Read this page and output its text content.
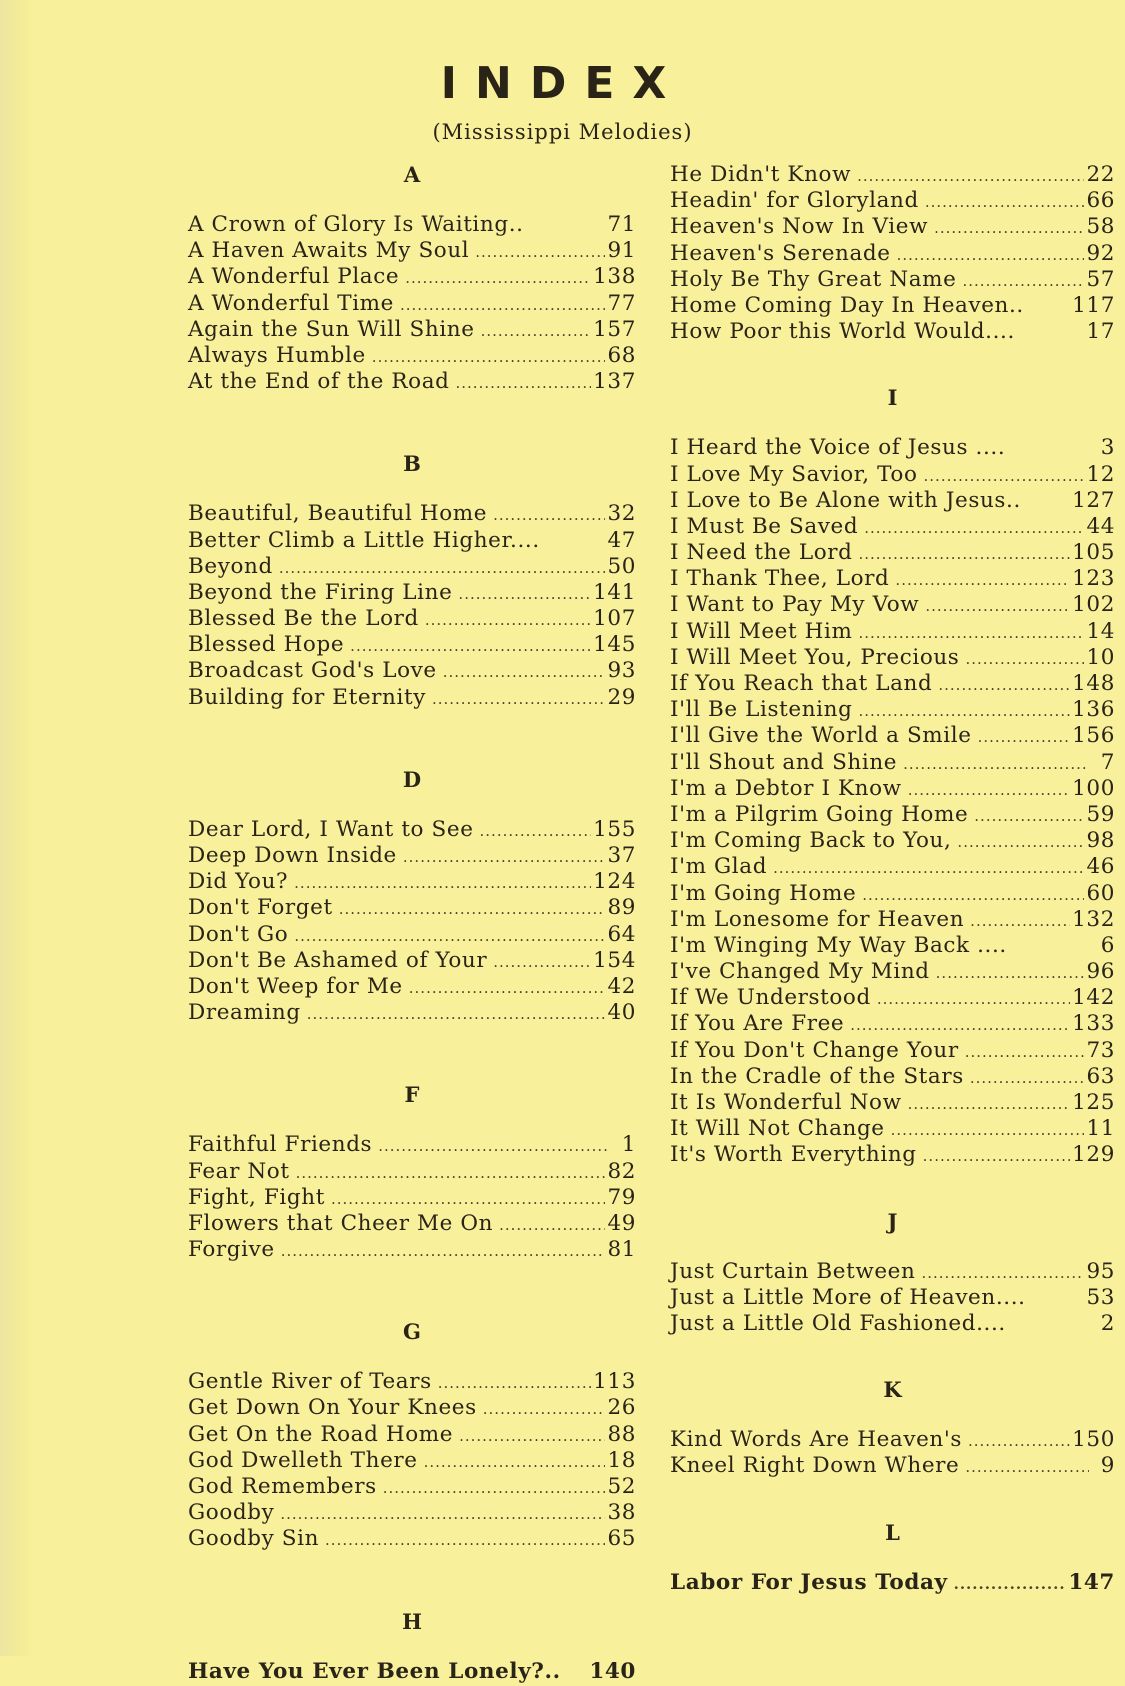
INDEX
(Mississippi Melodies)
A
A Crown of Glory Is Waiting..	71
A Haven Awaits My Soul .....	91
A Wonderful Place .....	138
A Wonderful Time .....	77
Again the Sun Will Shine .....	157
Always Humble .....	68
At the End of the Road .....	137
B
Beautiful, Beautiful Home .....	32
Better Climb a Little Higher....	47
Beyond .....	50
Beyond the Firing Line .....	141
Blessed Be the Lord .....	107
Blessed Hope .....	145
Broadcast God's Love .....	93
Building for Eternity .....	29
D
Dear Lord, I Want to See .....	155
Deep Down Inside .....	37
Did You? .....	124
Don't Forget .....	89
Don't Go .....	64
Don't Be Ashamed of Your .....	154
Don't Weep for Me .....	42
Dreaming .....	40
F
Faithful Friends .....	1
Fear Not .....	82
Fight, Fight .....	79
Flowers that Cheer Me On .....	49
Forgive .....	81
G
Gentle River of Tears .....	113
Get Down On Your Knees .....	26
Get On the Road Home .....	88
God Dwelleth There .....	18
God Remembers .....	52
Goodby .....	38
Goodby Sin .....	65
H
Have You Ever Been Lonely?.. 140
He Didn't Know .....	22
Headin' for Gloryland .....	66
Heaven's Now In View .....	58
Heaven's Serenade .....	92
Holy Be Thy Great Name .....	57
Home Coming Day In Heaven.. 117
How Poor this World Would....	17
I
I Heard the Voice of Jesus ....	3
I Love My Savior, Too .....	12
I Love to Be Alone with Jesus.. 127
I Must Be Saved .....	44
I Need the Lord .....	105
I Thank Thee, Lord .....	123
I Want to Pay My Vow .....	102
I Will Meet Him .....	14
I Will Meet You, Precious .....	10
If You Reach that Land .....	148
I'll Be Listening .....	136
I'll Give the World a Smile .....	156
I'll Shout and Shine .....	7
I'm a Debtor I Know .....	100
I'm a Pilgrim Going Home .....	59
I'm Coming Back to You, .....	98
I'm Glad .....	46
I'm Going Home .....	60
I'm Lonesome for Heaven .....	132
I'm Winging My Way Back ....	6
I've Changed My Mind .....	96
If We Understood .....	142
If You Are Free .....	133
If You Don't Change Your .....	73
In the Cradle of the Stars .....	63
It Is Wonderful Now .....	125
It Will Not Change .....	11
It's Worth Everything .....	129
J
Just Curtain Between .....	95
Just a Little More of Heaven....	53
Just a Little Old Fashioned....	2
K
Kind Words Are Heaven's .....	150
Kneel Right Down Where .....	9
L
Labor For Jesus Today .....	147
